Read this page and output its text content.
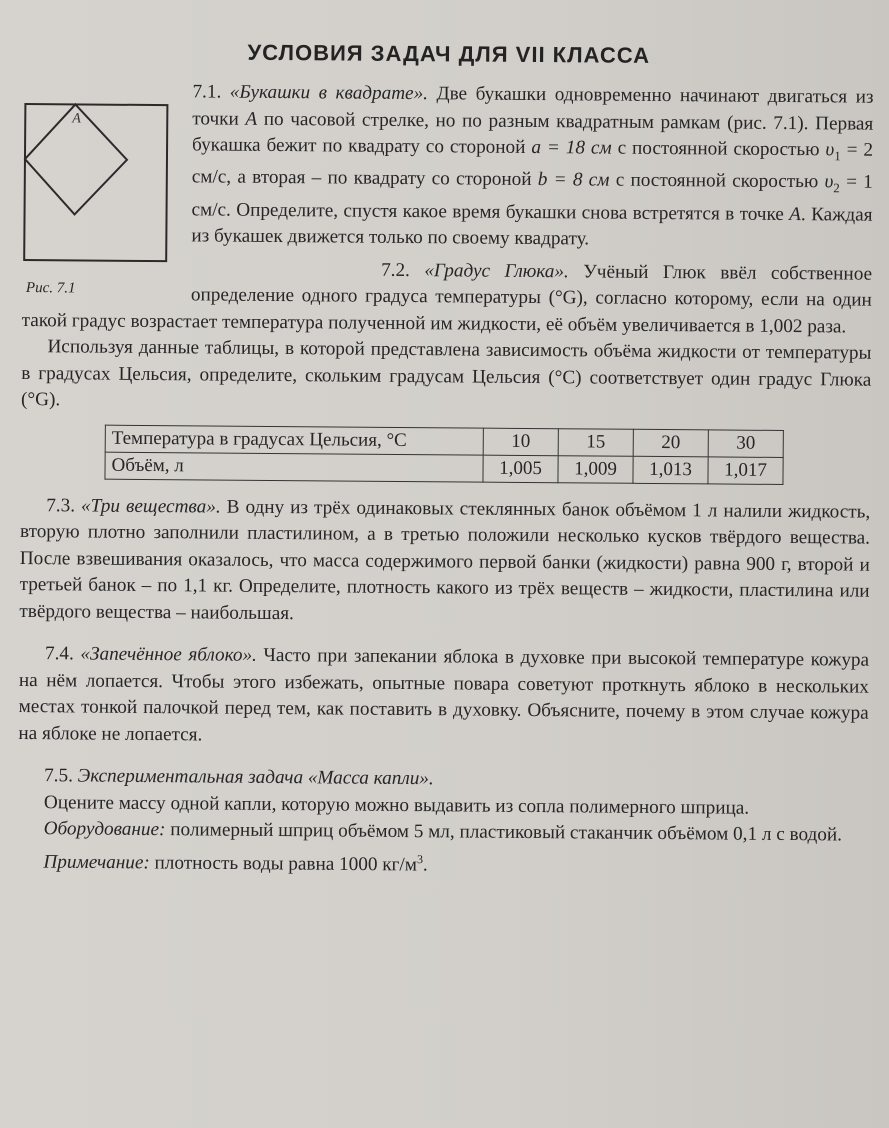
УСЛОВИЯ ЗАДАЧ ДЛЯ VII КЛАССА
A
Рис. 7.1

7.1. «Букашки в квадрате». Две букашки одновременно начинают двигаться из точки A по часовой стрелке, но по разным квадратным рамкам (рис. 7.1). Первая букашка бежит по квадрату со стороной a = 18 см с постоянной скоростью $\upsilon_1 = 2$ см/с, а вторая – по квадрату со стороной b = 8 см с постоянной скоростью $\upsilon_2 = 1$ см/с. Определите, спустя какое время букашки снова встретятся в точке A. Каждая из букашек движется только по своему квадрату.

7.2. «Градус Глюка». Учёный Глюк ввёл собственное определение одного градуса температуры (°G), согласно которому, если на один такой градус возрастает температура полученной им жидкости, её объём увеличивается в 1,002 раза.

Используя данные таблицы, в которой представлена зависимость объёма жидкости от температуры в градусах Цельсия, определите, скольким градусам Цельсия (°С) соответствует один градус Глюка (°G).

Температура в градусах Цельсия, °С	10	15	20	30
Объём, л	1,005	1,009	1,013	1,017

7.3. «Три вещества». В одну из трёх одинаковых стеклянных банок объёмом 1 л налили жидкость, вторую плотно заполнили пластилином, а в третью положили несколько кусков твёрдого вещества. После взвешивания оказалось, что масса содержимого первой банки (жидкости) равна 900 г, второй и третьей банок – по 1,1 кг. Определите, плотность какого из трёх веществ – жидкости, пластилина или твёрдого вещества – наибольшая.

7.4. «Запечённое яблоко». Часто при запекании яблока в духовке при высокой температуре кожура на нём лопается. Чтобы этого избежать, опытные повара советуют проткнуть яблоко в нескольких местах тонкой палочкой перед тем, как поставить в духовку. Объясните, почему в этом случае кожура на яблоке не лопается.

7.5. Экспериментальная задача «Масса капли».

Оцените массу одной капли, которую можно выдавить из сопла полимерного шприца.

Оборудование: полимерный шприц объёмом 5 мл, пластиковый стаканчик объёмом 0,1 л с водой.

Примечание: плотность воды равна 1000 $кг/м^3$.
